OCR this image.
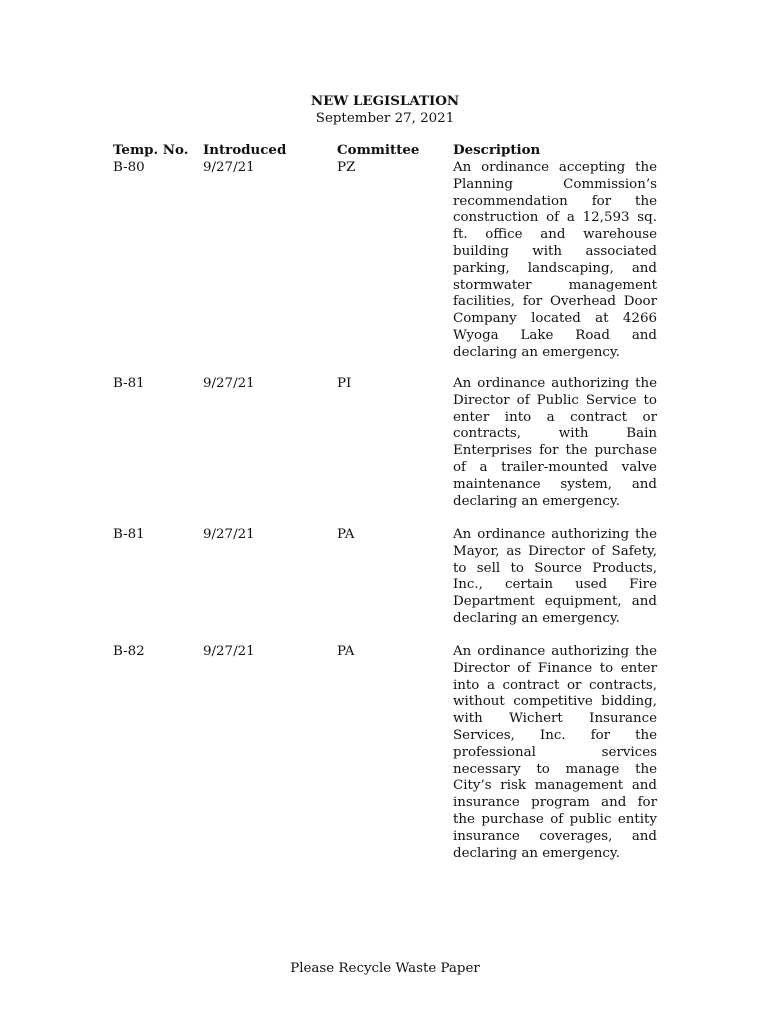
NEW LEGISLATION
September 27, 2021
Temp. No. Introduced	Committee	Description
B-80	9/27/21	PZ	An ordinance accepting the Planning Commission’s recommendation for the construction of a 12,593 sq. ft. office and warehouse building with associated parking, landscaping, and stormwater management facilities, for Overhead Door Company located at 4266 Wyoga Lake Road and declaring an emergency.
B-81	9/27/21	PI	An ordinance authorizing the Director of Public Service to enter into a contract or contracts, with Bain Enterprises for the purchase of a trailer-mounted valve maintenance system, and declaring an emergency.
B-81	9/27/21	PA	An ordinance authorizing the Mayor, as Director of Safety, to sell to Source Products, Inc., certain used Fire Department equipment, and declaring an emergency.
B-82	9/27/21	PA	An ordinance authorizing the Director of Finance to enter into a contract or contracts, without competitive bidding, with Wichert Insurance Services, Inc. for the professional services necessary to manage the City’s risk management and insurance program and for the purchase of public entity insurance coverages, and declaring an emergency.
Please Recycle Waste Paper
